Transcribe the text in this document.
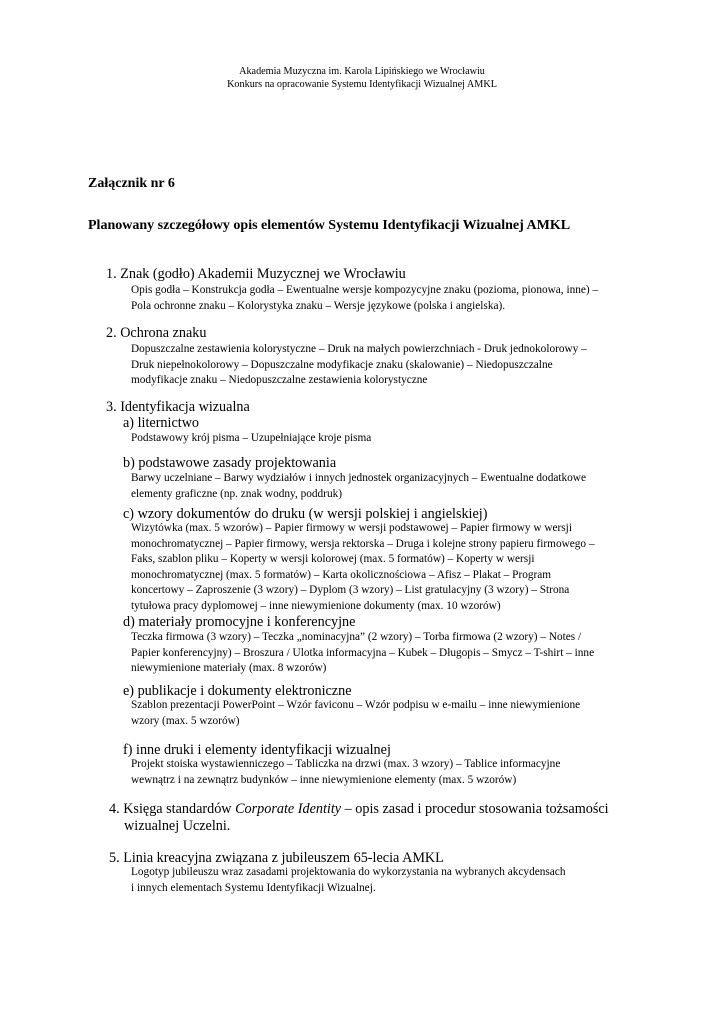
Akademia Muzyczna im. Karola Lipińskiego we Wrocławiu
Konkurs na opracowanie Systemu Identyfikacji Wizualnej AMKL
Załącznik nr 6
Planowany szczegółowy opis elementów Systemu Identyfikacji Wizualnej AMKL
1. Znak (godło) Akademii Muzycznej we Wrocławiu
Opis godła – Konstrukcja godła – Ewentualne wersje kompozycyjne znaku (pozioma, pionowa, inne) –
Pola ochronne znaku – Kolorystyka znaku – Wersje językowe (polska i angielska).
2. Ochrona znaku
Dopuszczalne zestawienia kolorystyczne – Druk na małych powierzchniach - Druk jednokolorowy –
Druk niepełnokolorowy – Dopuszczalne modyfikacje znaku (skalowanie) – Niedopuszczalne
modyfikacje znaku – Niedopuszczalne zestawienia kolorystyczne
3. Identyfikacja wizualna
a) liternictwo
Podstawowy krój pisma – Uzupełniające kroje pisma
b) podstawowe zasady projektowania
Barwy uczelniane – Barwy wydziałów i innych jednostek organizacyjnych – Ewentualne dodatkowe
elementy graficzne (np. znak wodny, poddruk)
c) wzory dokumentów do druku (w wersji polskiej i angielskiej)
Wizytówka (max. 5 wzorów) – Papier firmowy w wersji podstawowej – Papier firmowy w wersji
monochromatycznej – Papier firmowy, wersja rektorska – Druga i kolejne strony papieru firmowego –
Faks, szablon pliku – Koperty w wersji kolorowej (max. 5 formatów) – Koperty w wersji
monochromatycznej (max. 5 formatów) – Karta okolicznościowa – Afisz – Plakat – Program
koncertowy – Zaproszenie (3 wzory) – Dyplom (3 wzory) – List gratulacyjny (3 wzory) – Strona
tytułowa pracy dyplomowej – inne niewymienione dokumenty (max. 10 wzorów)
d) materiały promocyjne i konferencyjne
Teczka firmowa (3 wzory) – Teczka „nominacyjna” (2 wzory) – Torba firmowa (2 wzory) – Notes /
Papier konferencyjny) – Broszura / Ulotka informacyjna – Kubek – Długopis – Smycz – T-shirt – inne
niewymienione materiały (max. 8 wzorów)
e) publikacje i dokumenty elektroniczne
Szablon prezentacji PowerPoint – Wzór faviconu – Wzór podpisu w e-mailu – inne niewymienione
wzory (max. 5 wzorów)
f) inne druki i elementy identyfikacji wizualnej
Projekt stoiska wystawienniczego – Tabliczka na drzwi (max. 3 wzory) – Tablice informacyjne
wewnątrz i na zewnątrz budynków – inne niewymienione elementy (max. 5 wzorów)
4. Księga standardów Corporate Identity – opis zasad i procedur stosowania tożsamości
wizualnej Uczelni.
5. Linia kreacyjna związana z jubileuszem 65-lecia AMKL
Logotyp jubileuszu wraz zasadami projektowania do wykorzystania na wybranych akcydensach
i innych elementach Systemu Identyfikacji Wizualnej.
